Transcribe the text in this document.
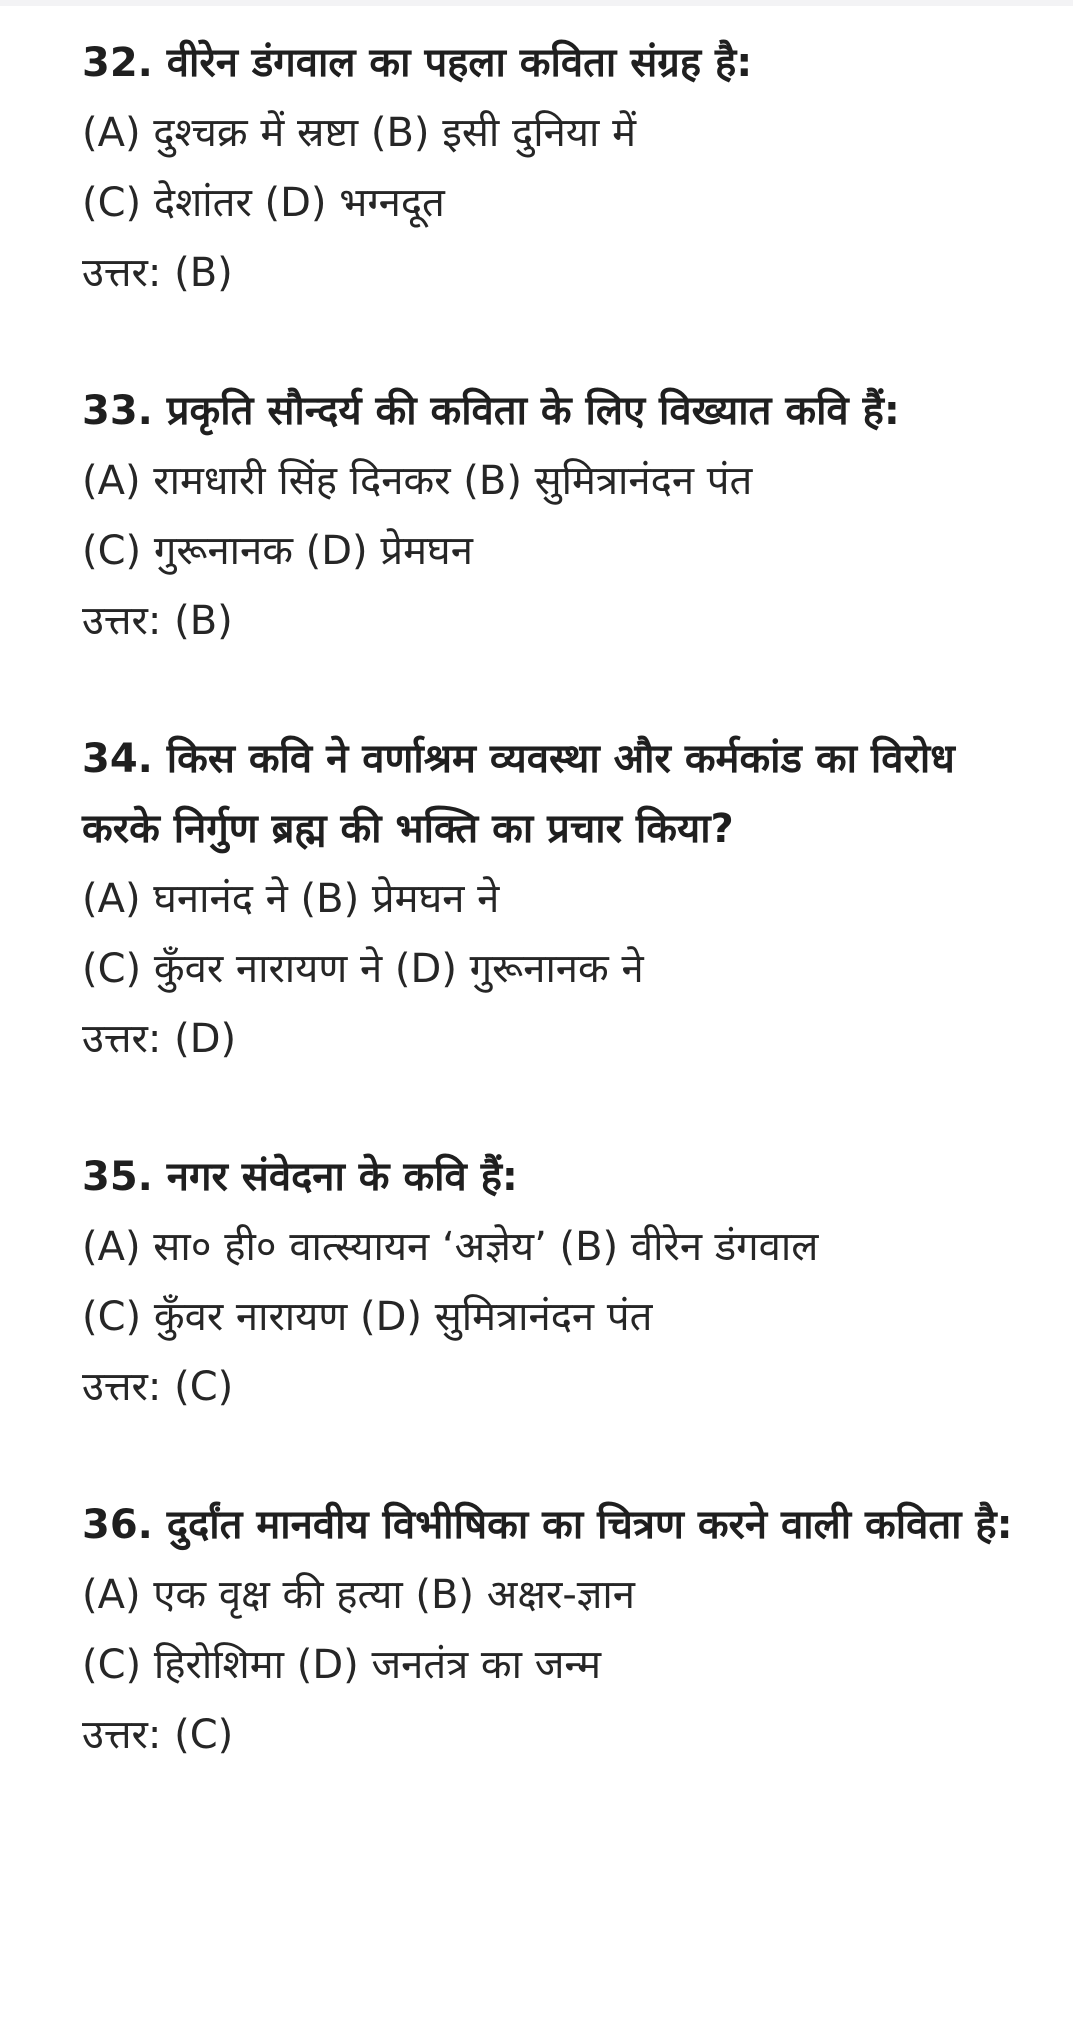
32. वीरेन डंगवाल का पहला कविता संग्रह है:

(A) दुश्चक्र में स्रष्टा (B) इसी दुनिया में

(C) देशांतर (D) भग्नदूत

उत्तर: (B)

33. प्रकृति सौन्दर्य की कविता के लिए विख्यात कवि हैं:

(A) रामधारी सिंह दिनकर (B) सुमित्रानंदन पंत

(C) गुरूनानक (D) प्रेमघन

उत्तर: (B)

34. किस कवि ने वर्णाश्रम व्यवस्था और कर्मकांड का विरोध करके निर्गुण ब्रह्म की भक्ति का प्रचार किया?

(A) घनानंद ने (B) प्रेमघन ने

(C) कुँवर नारायण ने (D) गुरूनानक ने

उत्तर: (D)

35. नगर संवेदना के कवि हैं:

(A) सा० ही० वात्स्यायन ‘अज्ञेय’ (B) वीरेन डंगवाल

(C) कुँवर नारायण (D) सुमित्रानंदन पंत

उत्तर: (C)

36. दुर्दांत मानवीय विभीषिका का चित्रण करने वाली कविता है:

(A) एक वृक्ष की हत्या (B) अक्षर-ज्ञान

(C) हिरोशिमा (D) जनतंत्र का जन्म

उत्तर: (C)
